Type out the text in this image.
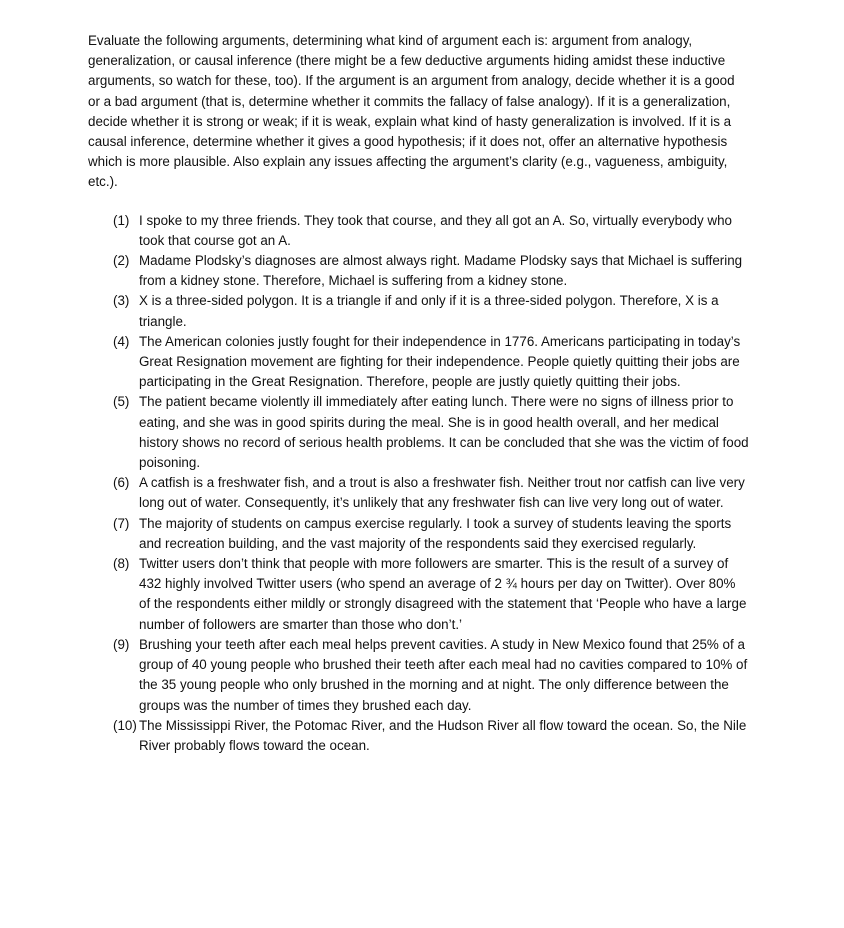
Evaluate the following arguments, determining what kind of argument each is: argument from analogy, generalization, or causal inference (there might be a few deductive arguments hiding amidst these inductive arguments, so watch for these, too). If the argument is an argument from analogy, decide whether it is a good or a bad argument (that is, determine whether it commits the fallacy of false analogy). If it is a generalization, decide whether it is strong or weak; if it is weak, explain what kind of hasty generalization is involved. If it is a causal inference, determine whether it gives a good hypothesis; if it does not, offer an alternative hypothesis which is more plausible. Also explain any issues affecting the argument’s clarity (e.g., vagueness, ambiguity, etc.).

(1) I spoke to my three friends. They took that course, and they all got an A. So, virtually everybody who took that course got an A.
(2) Madame Plodsky’s diagnoses are almost always right. Madame Plodsky says that Michael is suffering from a kidney stone. Therefore, Michael is suffering from a kidney stone.
(3) X is a three-sided polygon. It is a triangle if and only if it is a three-sided polygon. Therefore, X is a triangle.
(4) The American colonies justly fought for their independence in 1776. Americans participating in today’s Great Resignation movement are fighting for their independence. People quietly quitting their jobs are participating in the Great Resignation. Therefore, people are justly quietly quitting their jobs.
(5) The patient became violently ill immediately after eating lunch. There were no signs of illness prior to eating, and she was in good spirits during the meal. She is in good health overall, and her medical history shows no record of serious health problems. It can be concluded that she was the victim of food poisoning.
(6) A catfish is a freshwater fish, and a trout is also a freshwater fish. Neither trout nor catfish can live very long out of water. Consequently, it’s unlikely that any freshwater fish can live very long out of water.
(7) The majority of students on campus exercise regularly. I took a survey of students leaving the sports and recreation building, and the vast majority of the respondents said they exercised regularly.
(8) Twitter users don’t think that people with more followers are smarter. This is the result of a survey of 432 highly involved Twitter users (who spend an average of 2 ¾ hours per day on Twitter). Over 80% of the respondents either mildly or strongly disagreed with the statement that ‘People who have a large number of followers are smarter than those who don’t.’
(9) Brushing your teeth after each meal helps prevent cavities. A study in New Mexico found that 25% of a group of 40 young people who brushed their teeth after each meal had no cavities compared to 10% of the 35 young people who only brushed in the morning and at night. The only difference between the groups was the number of times they brushed each day.
(10) The Mississippi River, the Potomac River, and the Hudson River all flow toward the ocean. So, the Nile River probably flows toward the ocean.
